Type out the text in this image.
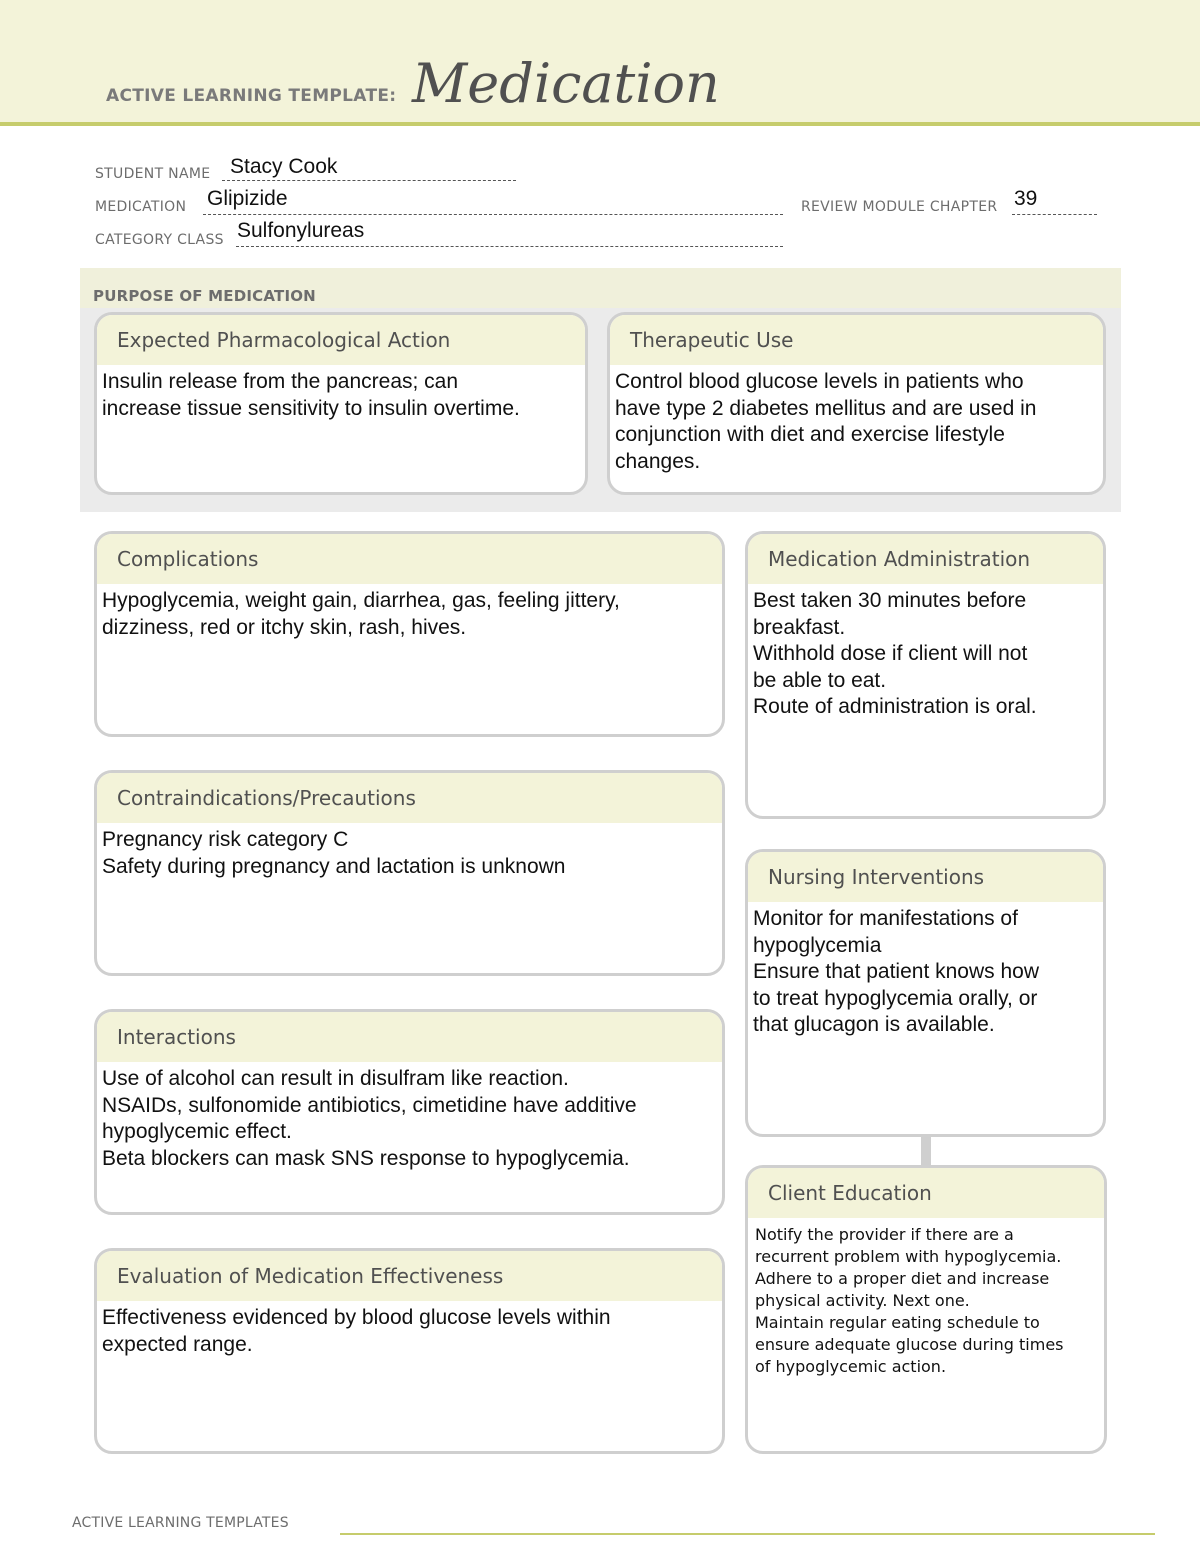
ACTIVE LEARNING TEMPLATE: Medication
STUDENT NAME Stacy Cook
MEDICATION Glipizide	REVIEW MODULE CHAPTER 39
CATEGORY CLASS Sulfonylureas
PURPOSE OF MEDICATION
Expected Pharmacological Action
Insulin release from the pancreas; can
increase tissue sensitivity to insulin overtime.
Therapeutic Use
Control blood glucose levels in patients who
have type 2 diabetes mellitus and are used in
conjunction with diet and exercise lifestyle
changes.
Complications
Hypoglycemia, weight gain, diarrhea, gas, feeling jittery,
dizziness, red or itchy skin, rash, hives.
Contraindications/Precautions
Pregnancy risk category C
Safety during pregnancy and lactation is unknown
Interactions
Use of alcohol can result in disulfram like reaction.
NSAIDs, sulfonomide antibiotics, cimetidine have additive
hypoglycemic effect.
Beta blockers can mask SNS response to hypoglycemia.
Evaluation of Medication Effectiveness
Effectiveness evidenced by blood glucose levels within
expected range.
Medication Administration
Best taken 30 minutes before
breakfast.
Withhold dose if client will not
be able to eat.
Route of administration is oral.
Nursing Interventions
Monitor for manifestations of
hypoglycemia
Ensure that patient knows how
to treat hypoglycemia orally, or
that glucagon is available.
Client Education
Notify the provider if there are a
recurrent problem with hypoglycemia.
Adhere to a proper diet and increase
physical activity. Next one.
Maintain regular eating schedule to
ensure adequate glucose during times
of hypoglycemic action.
ACTIVE LEARNING TEMPLATES
